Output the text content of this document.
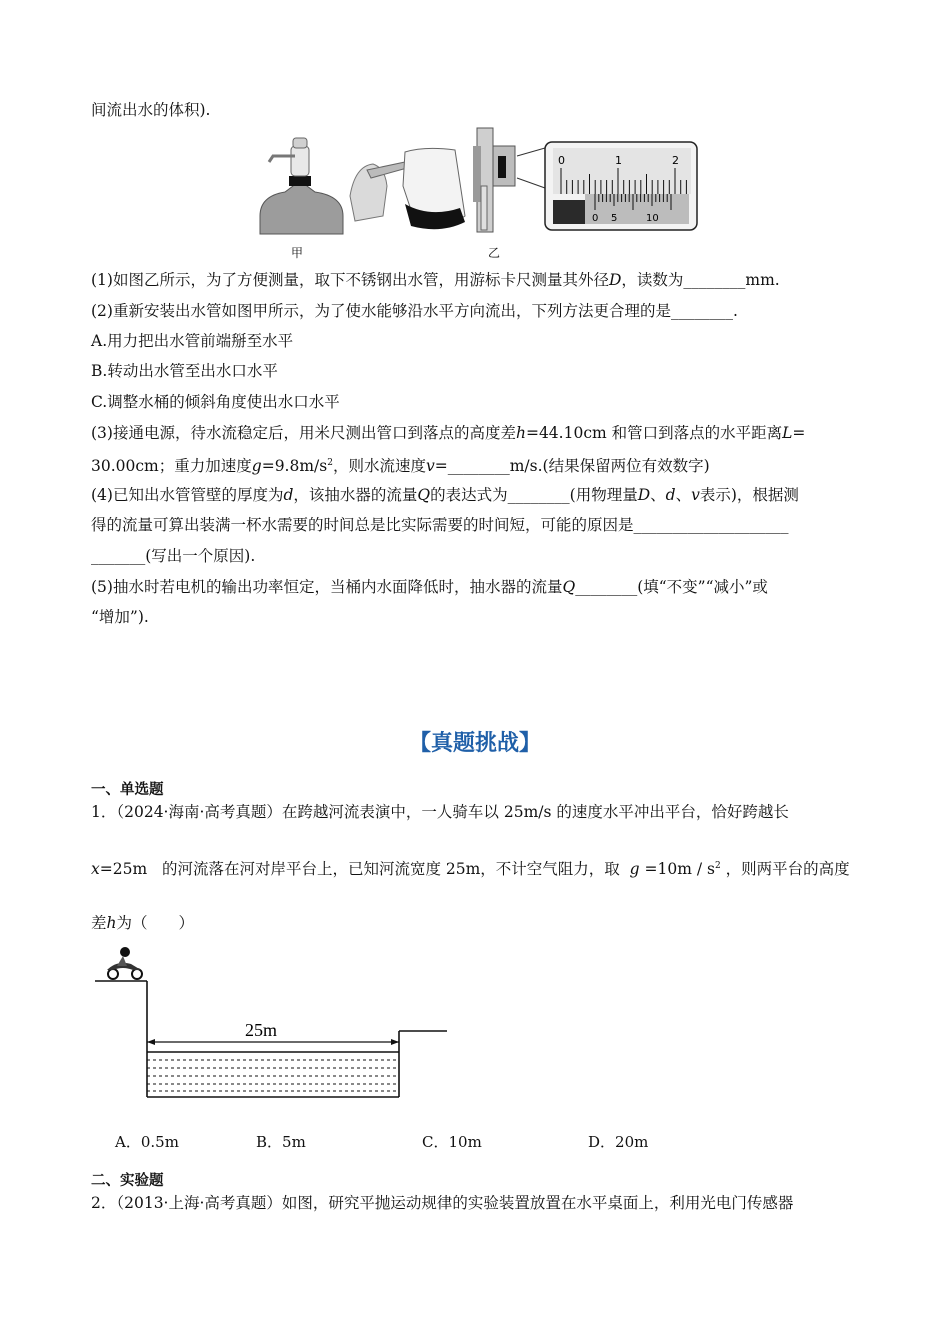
间流出水的体积).
0	1	2
0 5	10
甲	乙
(1)如图乙所示，为了方便测量，取下不锈钢出水管，用游标卡尺测量其外径D，读数为________mm.
(2)重新安装出水管如图甲所示，为了使水能够沿水平方向流出，下列方法更合理的是________.
A.用力把出水管前端掰至水平
B.转动出水管至出水口水平
C.调整水桶的倾斜角度使出水口水平
(3)接通电源，待水流稳定后，用米尺测出管口到落点的高度差h=44.10cm 和管口到落点的水平距离L=
30.00cm；重力加速度$g=9.8m/s^2$，则水流速度v=________m/s.(结果保留两位有效数字)
(4)已知出水管管壁的厚度为d，该抽水器的流量Q的表达式为________(用物理量D、d、v表示)，根据测
得的流量可算出装满一杯水需要的时间总是比实际需要的时间短，可能的原因是____________________
_______(写出一个原因).
(5)抽水时若电机的输出功率恒定，当桶内水面降低时，抽水器的流量Q________(填“不变”“减小”或
“增加”).
【真题挑战】
一、单选题
1．（2024·海南·高考真题）在跨越河流表演中，一人骑车以 25m/s 的速度水平冲出平台，恰好跨越长
x=25m 的河流落在河对岸平台上，已知河流宽度 25m，不计空气阻力，取 $g =10m / s^2$ ，则两平台的高度
差h为（　　）
25m
A．0.5m	B．5m	C．10m	D．20m
二、实验题
2．（2013·上海·高考真题）如图，研究平抛运动规律的实验装置放置在水平桌面上，利用光电门传感器
